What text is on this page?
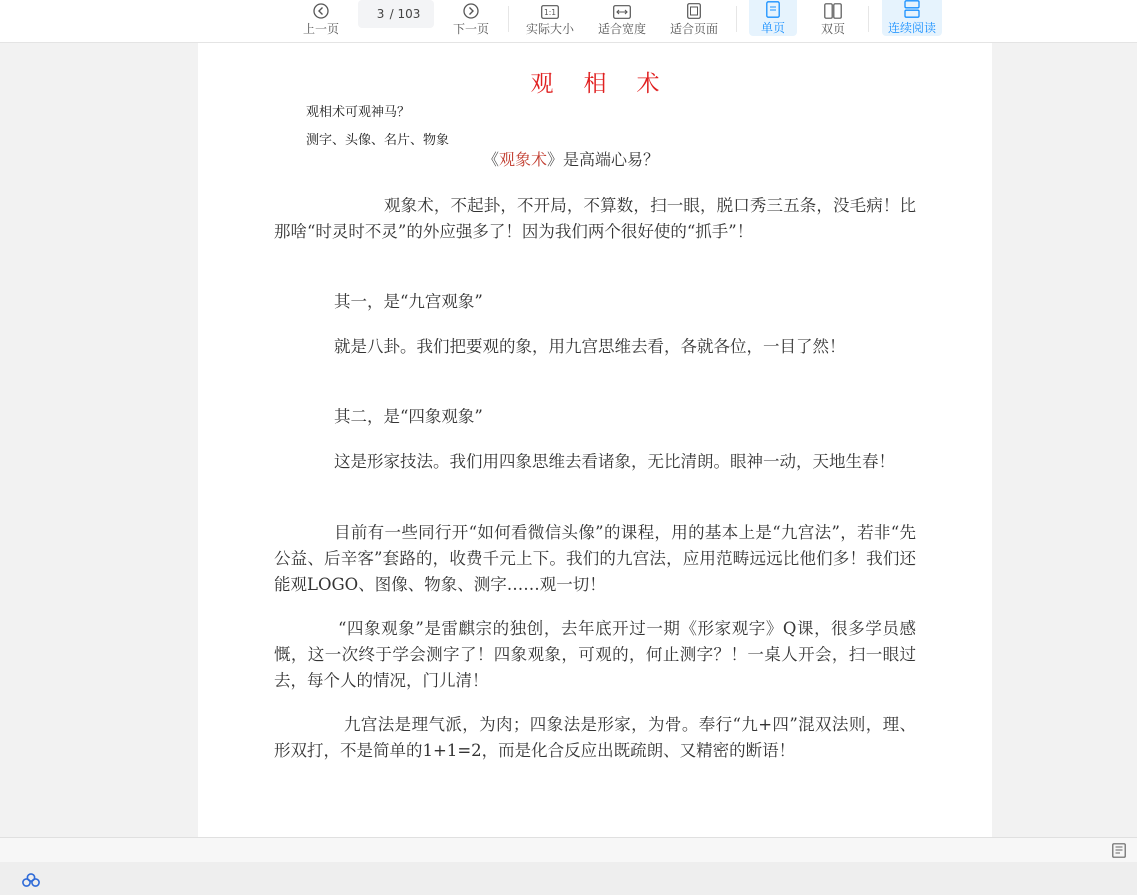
上一页
3
/ 103
下一页
1:1
实际大小 适合宽度 适合页面	单页	双页	连续阅读
观相术
观相术可观神马？
测字、头像、名片、物象
《观象术》是高端心易？

观象术，不起卦，不开局，不算数，扫一眼，脱口秀三五条，没毛病！比那啥“时灵时不灵”的外应强多了！因为我们两个很好使的“抓手”！

其一，是“九宫观象”

就是八卦。我们把要观的象，用九宫思维去看，各就各位，一目了然！

其二，是“四象观象”

这是形家技法。我们用四象思维去看诸象，无比清朗。眼神一动，天地生春！

目前有一些同行开“如何看微信头像”的课程，用的基本上是“九宫法”，若非“先公益、后辛客”套路的，收费千元上下。我们的九宫法，应用范畴远远比他们多！我们还能观LOGO、图像、物象、测字……观一切！

“四象观象”是雷麒宗的独创，去年底开过一期《形家观字》Q课，很多学员感慨，这一次终于学会测字了！四象观象，可观的，何止测字？！一桌人开会，扫一眼过去，每个人的情况，门儿清！

九宫法是理气派，为肉；四象法是形家，为骨。奉行“九+四”混双法则，理、形双打，不是简单的1+1=2，而是化合反应出既疏朗、又精密的断语！
